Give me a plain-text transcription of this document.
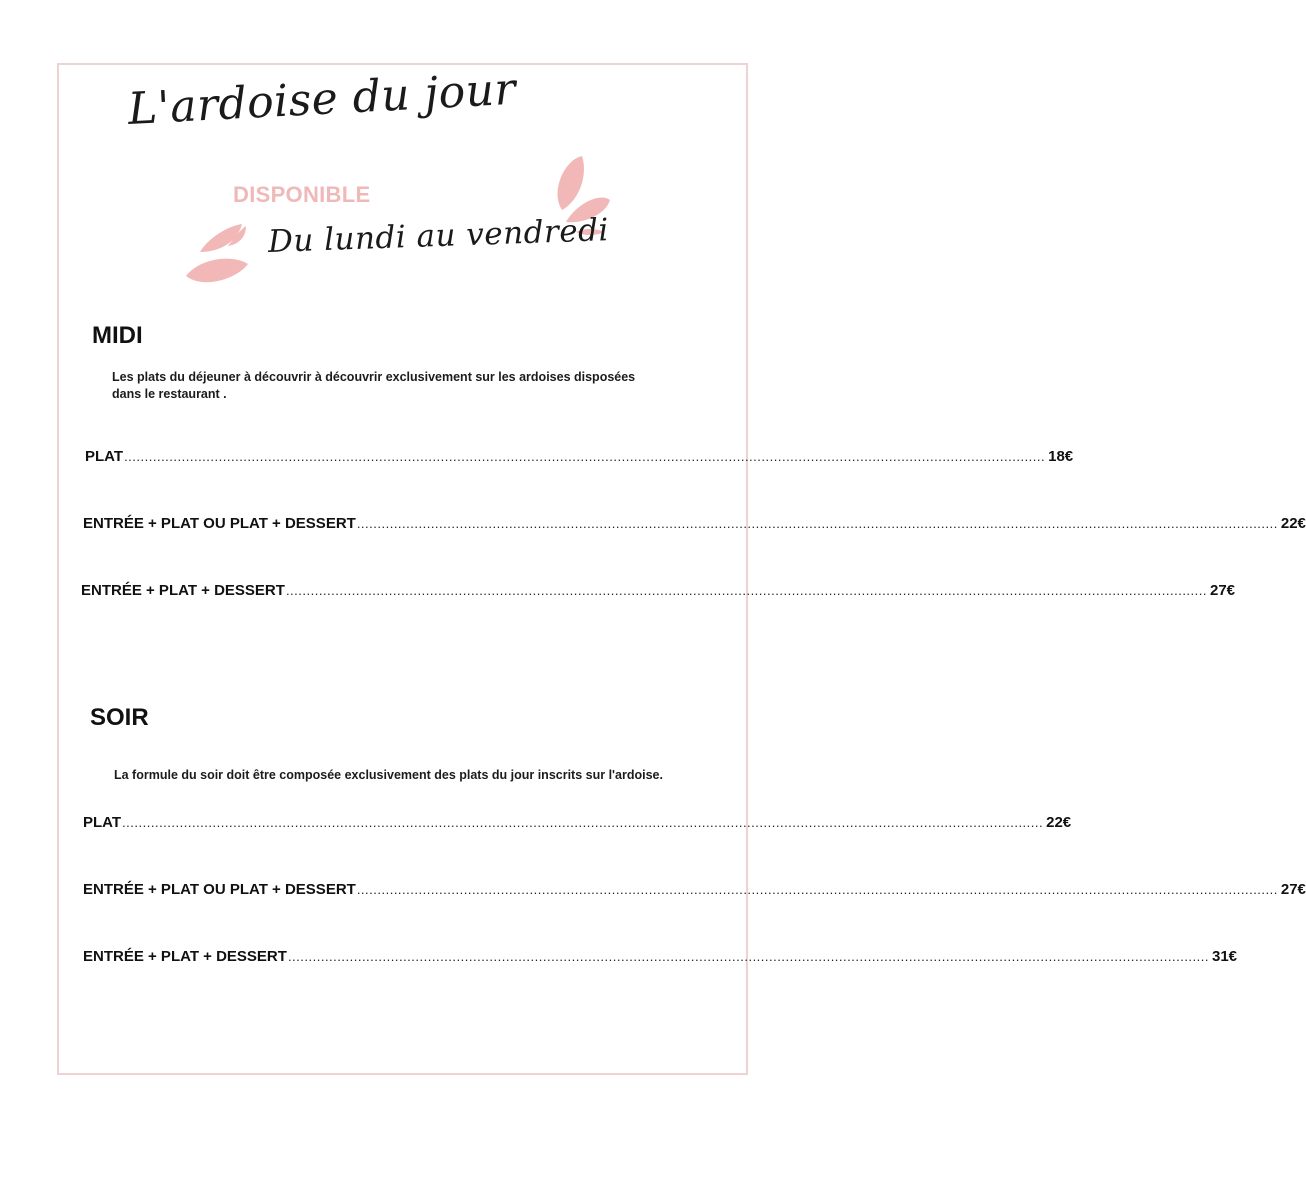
L'ardoise du jour
DISPONIBLE
Du lundi au vendredi
MIDI
Les plats du déjeuner à découvrir à découvrir exclusivement sur les ardoises disposées
dans le restaurant .
PLAT ................................................................................................................................................................................................................................ 18€
ENTRÉE + PLAT OU PLAT + DESSERT ................................................................................................................................................................................................................................ 22€
ENTRÉE + PLAT + DESSERT ................................................................................................................................................................................................................................ 27€
SOIR
La formule du soir doit être composée exclusivement des plats du jour inscrits sur l'ardoise.
PLAT ................................................................................................................................................................................................................................ 22€
ENTRÉE + PLAT OU PLAT + DESSERT ................................................................................................................................................................................................................................ 27€
ENTRÉE + PLAT + DESSERT ................................................................................................................................................................................................................................ 31€
